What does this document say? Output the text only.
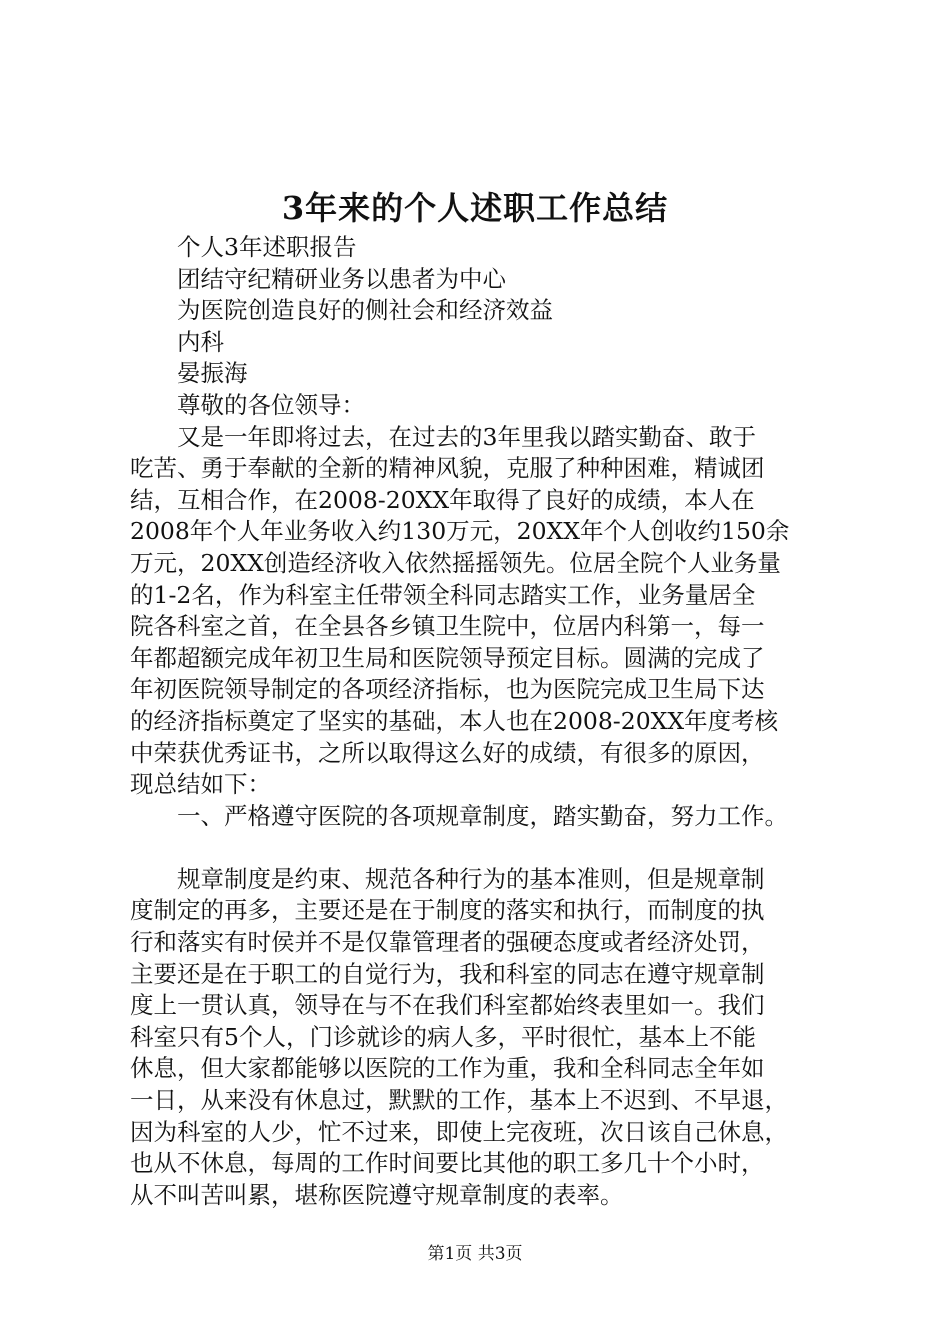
3年来的个人述职工作总结
个人3年述职报告
团结守纪精研业务以患者为中心
为医院创造良好的侧社会和经济效益
内科
晏振海
尊敬的各位领导：
又是一年即将过去，在过去的3年里我以踏实勤奋、敢于
吃苦、勇于奉献的全新的精神风貌，克服了种种困难，精诚团
结，互相合作，在2008-20XX年取得了良好的成绩，本人在
2008年个人年业务收入约130万元，20XX年个人创收约150余
万元，20XX创造经济收入依然摇摇领先。位居全院个人业务量
的1-2名，作为科室主任带领全科同志踏实工作，业务量居全
院各科室之首，在全县各乡镇卫生院中，位居内科第一，每一
年都超额完成年初卫生局和医院领导预定目标。圆满的完成了
年初医院领导制定的各项经济指标，也为医院完成卫生局下达
的经济指标奠定了坚实的基础，本人也在2008-20XX年度考核
中荣获优秀证书，之所以取得这么好的成绩，有很多的原因，
现总结如下：
一、严格遵守医院的各项规章制度，踏实勤奋，努力工作。
规章制度是约束、规范各种行为的基本准则，但是规章制
度制定的再多，主要还是在于制度的落实和执行，而制度的执
行和落实有时侯并不是仅靠管理者的强硬态度或者经济处罚，
主要还是在于职工的自觉行为，我和科室的同志在遵守规章制
度上一贯认真，领导在与不在我们科室都始终表里如一。我们
科室只有5个人，门诊就诊的病人多，平时很忙，基本上不能
休息，但大家都能够以医院的工作为重，我和全科同志全年如
一日，从来没有休息过，默默的工作，基本上不迟到、不早退，
因为科室的人少，忙不过来，即使上完夜班，次日该自己休息，
也从不休息，每周的工作时间要比其他的职工多几十个小时，
从不叫苦叫累，堪称医院遵守规章制度的表率。
第1页 共3页
